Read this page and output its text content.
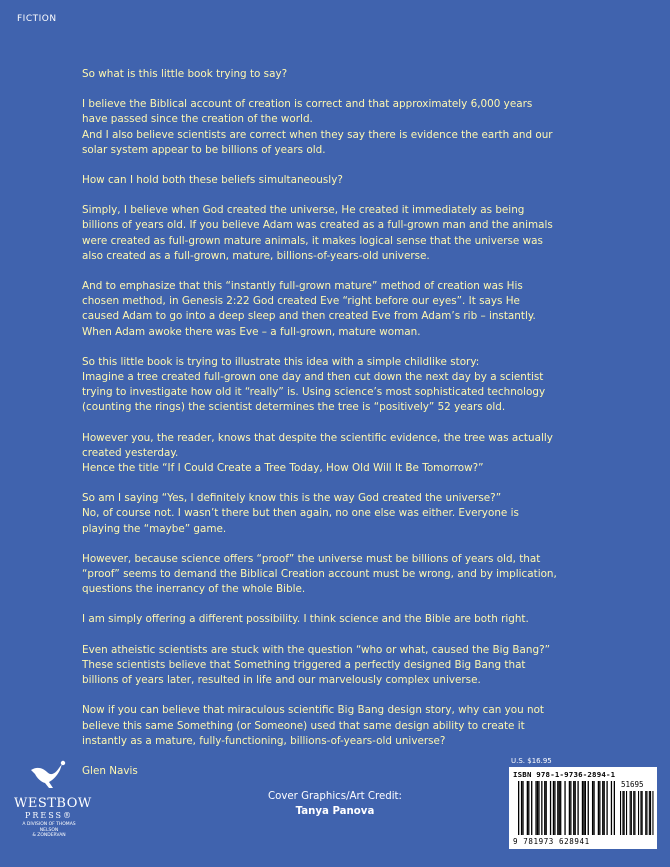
FICTION

So what is this little book trying to say?

I believe the Biblical account of creation is correct and that approximately 6,000 years
have passed since the creation of the world.
And I also believe scientists are correct when they say there is evidence the earth and our
solar system appear to be billions of years old.

How can I hold both these beliefs simultaneously?

Simply, I believe when God created the universe, He created it immediately as being
billions of years old. If you believe Adam was created as a full-grown man and the animals
were created as full-grown mature animals, it makes logical sense that the universe was
also created as a full-grown, mature, billions-of-years-old universe.

And to emphasize that this “instantly full-grown mature” method of creation was His
chosen method, in Genesis 2:22 God created Eve “right before our eyes”. It says He
caused Adam to go into a deep sleep and then created Eve from Adam’s rib – instantly.
When Adam awoke there was Eve – a full-grown, mature woman.

So this little book is trying to illustrate this idea with a simple childlike story:
Imagine a tree created full-grown one day and then cut down the next day by a scientist
trying to investigate how old it “really” is. Using science’s most sophisticated technology
(counting the rings) the scientist determines the tree is “positively” 52 years old.

However you, the reader, knows that despite the scientific evidence, the tree was actually
created yesterday.
Hence the title “If I Could Create a Tree Today, How Old Will It Be Tomorrow?”

So am I saying “Yes, I definitely know this is the way God created the universe?”
No, of course not. I wasn’t there but then again, no one else was either. Everyone is
playing the “maybe” game.

However, because science offers “proof” the universe must be billions of years old, that
“proof” seems to demand the Biblical Creation account must be wrong, and by implication,
questions the inerrancy of the whole Bible.

I am simply offering a different possibility. I think science and the Bible are both right.

Even atheistic scientists are stuck with the question “who or what, caused the Big Bang?”
These scientists believe that Something triggered a perfectly designed Big Bang that
billions of years later, resulted in life and our marvelously complex universe.

Now if you can believe that miraculous scientific Big Bang design story, why can you not
believe this same Something (or Someone) used that same design ability to create it
instantly as a mature, fully-functioning, billions-of-years-old universe?

Glen Navis

WESTBOW
PRESS®
A DIVISION OF THOMAS NELSON
& ZONDERVAN
Cover Graphics/Art Credit:
Tanya Panova
U.S. $16.95
ISBN 978-1-9736-2894-1
51695
9 781973 628941
